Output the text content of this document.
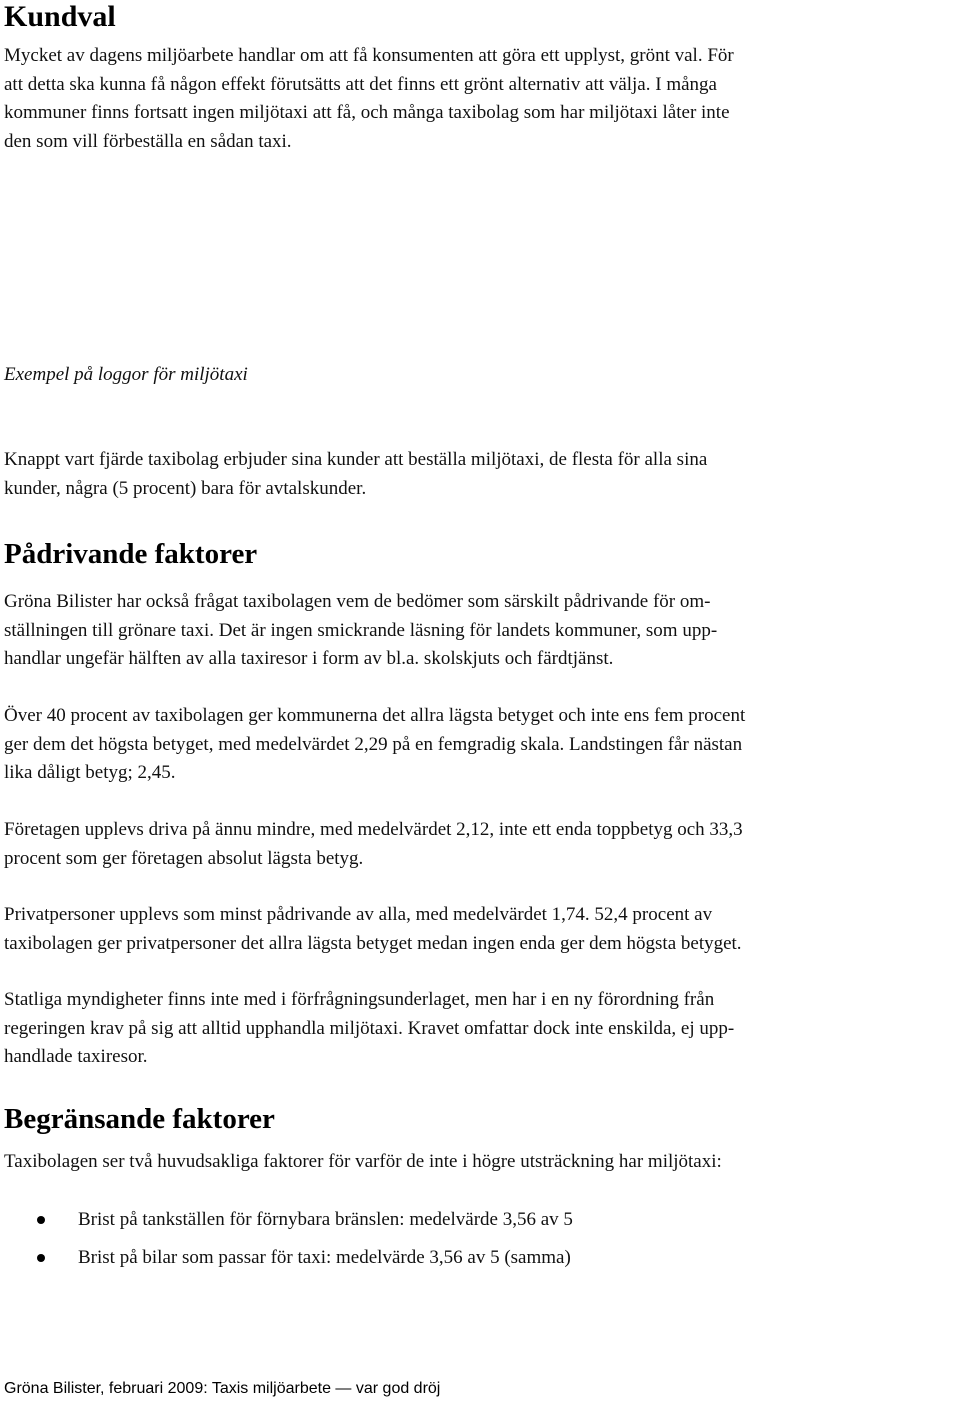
Kundval

Mycket av dagens miljöarbete handlar om att få konsumenten att göra ett upplyst, grönt val. För
att detta ska kunna få någon effekt förutsätts att det finns ett grönt alternativ att välja. I många
kommuner finns fortsatt ingen miljötaxi att få, och många taxibolag som har miljötaxi låter inte
den som vill förbeställa en sådan taxi.

Exempel på loggor för miljötaxi

Knappt vart fjärde taxibolag erbjuder sina kunder att beställa miljötaxi, de flesta för alla sina
kunder, några (5 procent) bara för avtalskunder.

Pådrivande faktorer

Gröna Bilister har också frågat taxibolagen vem de bedömer som särskilt pådrivande för om-
ställningen till grönare taxi. Det är ingen smickrande läsning för landets kommuner, som upp-
handlar ungefär hälften av alla taxiresor i form av bl.a. skolskjuts och färdtjänst.

Över 40 procent av taxibolagen ger kommunerna det allra lägsta betyget och inte ens fem procent
ger dem det högsta betyget, med medelvärdet 2,29 på en femgradig skala. Landstingen får nästan
lika dåligt betyg; 2,45.

Företagen upplevs driva på ännu mindre, med medelvärdet 2,12, inte ett enda toppbetyg och 33,3
procent som ger företagen absolut lägsta betyg.

Privatpersoner upplevs som minst pådrivande av alla, med medelvärdet 1,74. 52,4 procent av
taxibolagen ger privatpersoner det allra lägsta betyget medan ingen enda ger dem högsta betyget.

Statliga myndigheter finns inte med i förfrågningsunderlaget, men har i en ny förordning från
regeringen krav på sig att alltid upphandla miljötaxi. Kravet omfattar dock inte enskilda, ej upp-
handlade taxiresor.

Begränsande faktorer

Taxibolagen ser två huvudsakliga faktorer för varför de inte i högre utsträckning har miljötaxi:

Brist på tankställen för förnybara bränslen: medelvärde 3,56 av 5
Brist på bilar som passar för taxi: medelvärde 3,56 av 5 (samma)
Gröna Bilister, februari 2009: Taxis miljöarbete — var god dröj
